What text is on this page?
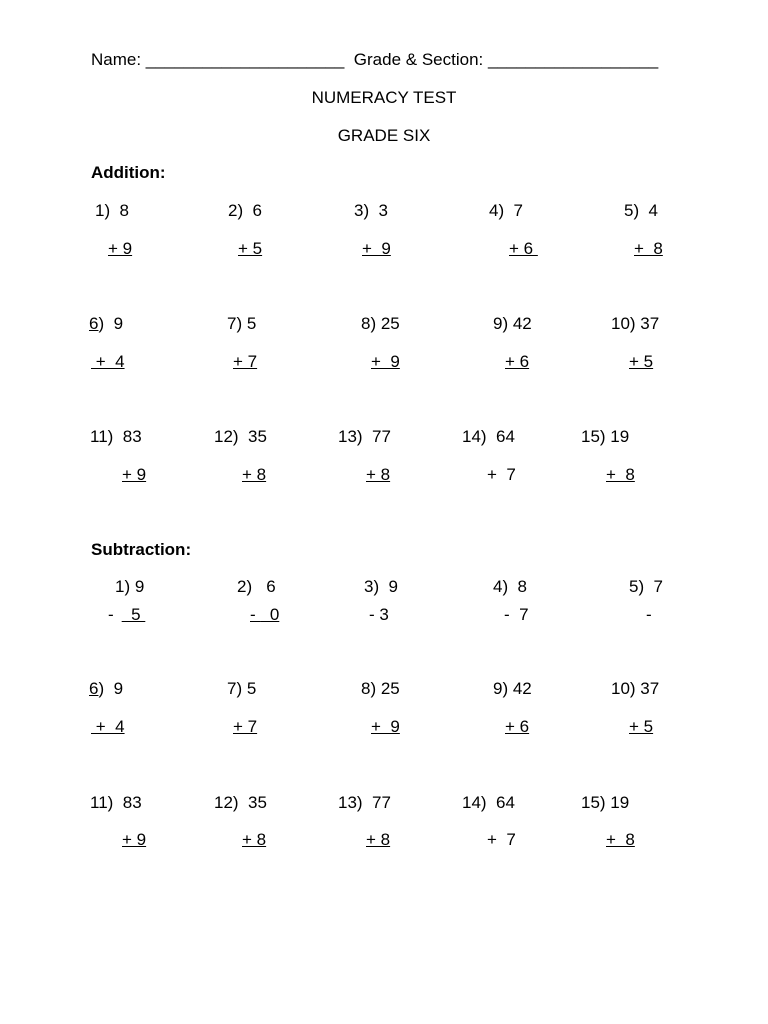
Name: _____________________  Grade & Section: __________________
NUMERACY TEST
GRADE SIX
Addition:
1)  8	2)  6	3)  3	4)  7	5)  4
+ 9	+ 5	+  9	+ 6	+  8
6)  9	7) 5	8) 25	9) 42	10) 37
+  4	+ 7	+  9	+ 6	+ 5
11)  83	12)  35	13)  77	14)  64	15) 19
+ 9	+ 8	+ 8	+  7	+  8
Subtraction:
1) 9	2)   6	3)  9	4)  8	5)  7
-  5	-   0	- 3	-  7	-
6)  9	7) 5	8) 25	9) 42	10) 37
+  4	+ 7	+  9	+ 6	+ 5
11)  83	12)  35	13)  77	14)  64	15) 19
+ 9	+ 8	+ 8	+  7	+  8
